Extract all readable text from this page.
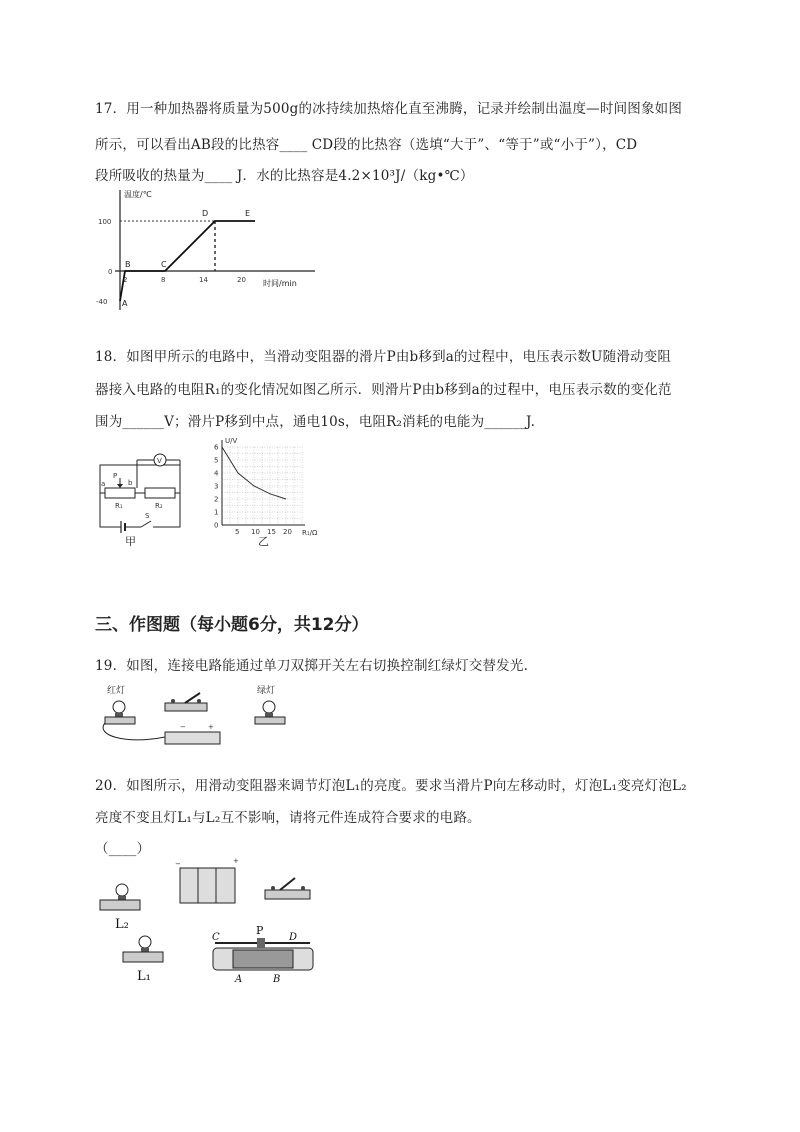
17．用一种加热器将质量为500g的冰持续加热熔化直至沸腾，记录并绘制出温度—时间图象如图
所示，可以看出AB段的比热容____ CD段的比热容（选填“大于”、“等于”或“小于”），CD
段所吸收的热量为____ J．水的比热容是4.2×10³J/（kg•℃）
温度/℃
时间/min
100
0
-40
2	8	14	20
A
B	C
D	E
18．如图甲所示的电路中，当滑动变阻器的滑片P由b移到a的过程中，电压表示数U随滑动变阻
器接入电路的电阻R₁的变化情况如图乙所示．则滑片P由b移到a的过程中，电压表示数的变化范
围为______V；滑片P移到中点，通电10s，电阻R₂消耗的电能为______J.
V
a
P
b
R₁	R₂
S
甲
6
5
4
3
2
1
0
5 10 15 20
U/V
R₁/Ω
乙
三、作图题（每小题6分，共12分）
19．如图，连接电路能通过单刀双掷开关左右切换控制红绿灯交替发光.
红灯
−	+
绿灯
20．如图所示，用滑动变阻器来调节灯泡L₁的亮度。要求当滑片P向左移动时，灯泡L₁变亮灯泡L₂
亮度不变且灯L₁与L₂互不影响，请将元件连成符合要求的电路。
（____）
L₂
−	+
L₁
C
P
D
A	B
